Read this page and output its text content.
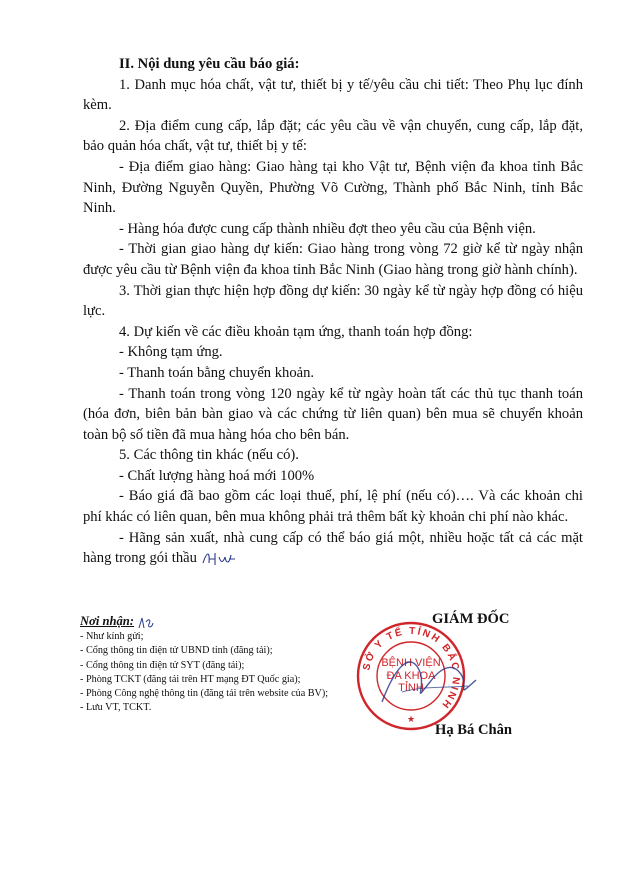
II. Nội dung yêu cầu báo giá:

1. Danh mục hóa chất, vật tư, thiết bị y tế/yêu cầu chi tiết: Theo Phụ lục đính kèm.

2. Địa điểm cung cấp, lắp đặt; các yêu cầu về vận chuyển, cung cấp, lắp đặt, bảo quản hóa chất, vật tư, thiết bị y tế:

- Địa điểm giao hàng: Giao hàng tại kho Vật tư, Bệnh viện đa khoa tỉnh Bắc Ninh, Đường Nguyễn Quyền, Phường Võ Cường, Thành phố Bắc Ninh, tỉnh Bắc Ninh.

- Hàng hóa được cung cấp thành nhiều đợt theo yêu cầu của Bệnh viện.

- Thời gian giao hàng dự kiến: Giao hàng trong vòng 72 giờ kể từ ngày nhận được yêu cầu từ Bệnh viện đa khoa tỉnh Bắc Ninh (Giao hàng trong giờ hành chính).

3. Thời gian thực hiện hợp đồng dự kiến: 30 ngày kể từ ngày hợp đồng có hiệu lực.

4. Dự kiến về các điều khoản tạm ứng, thanh toán hợp đồng:

- Không tạm ứng.

- Thanh toán bằng chuyển khoản.

- Thanh toán trong vòng 120 ngày kể từ ngày hoàn tất các thủ tục thanh toán (hóa đơn, biên bản bàn giao và các chứng từ liên quan) bên mua sẽ chuyển khoản toàn bộ số tiền đã mua hàng hóa cho bên bán.

5. Các thông tin khác (nếu có).

- Chất lượng hàng hoá mới 100%

- Báo giá đã bao gồm các loại thuế, phí, lệ phí (nếu có)…. Và các khoản chi phí khác có liên quan, bên mua không phải trả thêm bất kỳ khoản chi phí nào khác.

- Hãng sản xuất, nhà cung cấp có thể báo giá một, nhiều hoặc tất cả các mặt hàng trong gói thầu

Nơi nhận:
- Như kính gửi;
- Cổng thông tin điện tử UBND tỉnh (đăng tải);
- Cổng thông tin điện tử SYT (đăng tải);
- Phòng TCKT (đăng tải trên HT mạng ĐT Quốc gia);
- Phòng Công nghệ thông tin (đăng tải trên website của BV);
- Lưu VT, TCKT.
GIÁM ĐỐC
SỞ Y TẾ TỈNH BẮC NINH
★
BỆNH VIỆN
ĐA KHOA
TỈNH
Hạ Bá Chân
